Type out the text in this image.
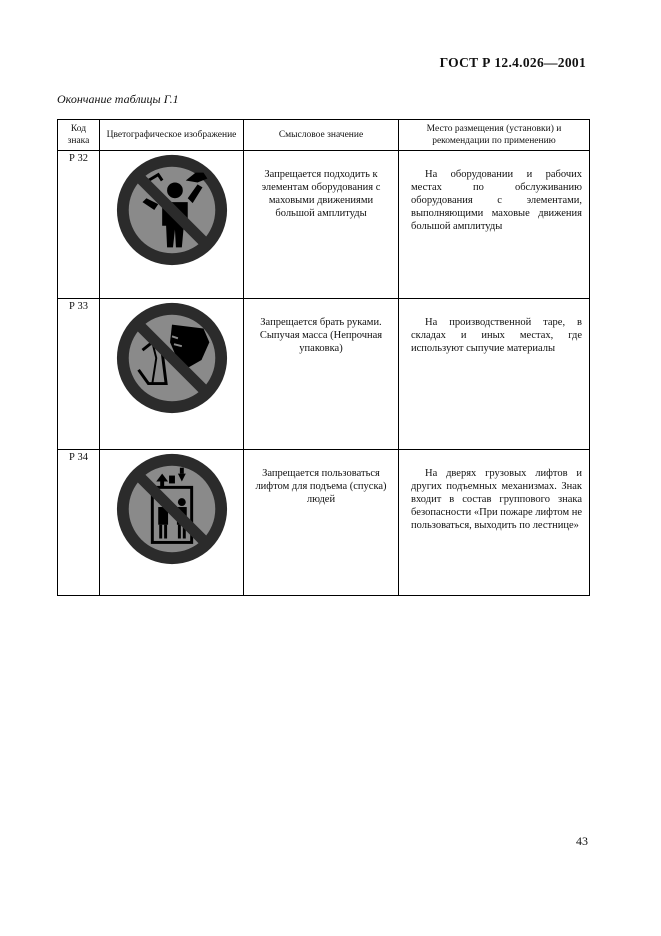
ГОСТ Р 12.4.026—2001
Окончание таблицы Г.1
Код знака	Цветографическое изображение	Смысловое значение	Место размещения (установки) и рекомендации по применению
Р 32		Запрещается подходить к элементам оборудования с маховыми движениями большой амплитуды	На оборудовании и рабочих местах по обслуживанию оборудования с элементами, выполняющими маховые движения большой амплитуды
Р 33		Запрещается брать руками. Сыпучая масса (Непрочная упаковка)	На производственной таре, в складах и иных местах, где используют сыпучие материалы
Р 34		Запрещается пользоваться лифтом для подъема (спуска) людей	На дверях грузовых лифтов и других подъемных механизмах. Знак входит в состав группового знака безопасности «При пожаре лифтом не пользоваться, выходить по лестнице»
43
